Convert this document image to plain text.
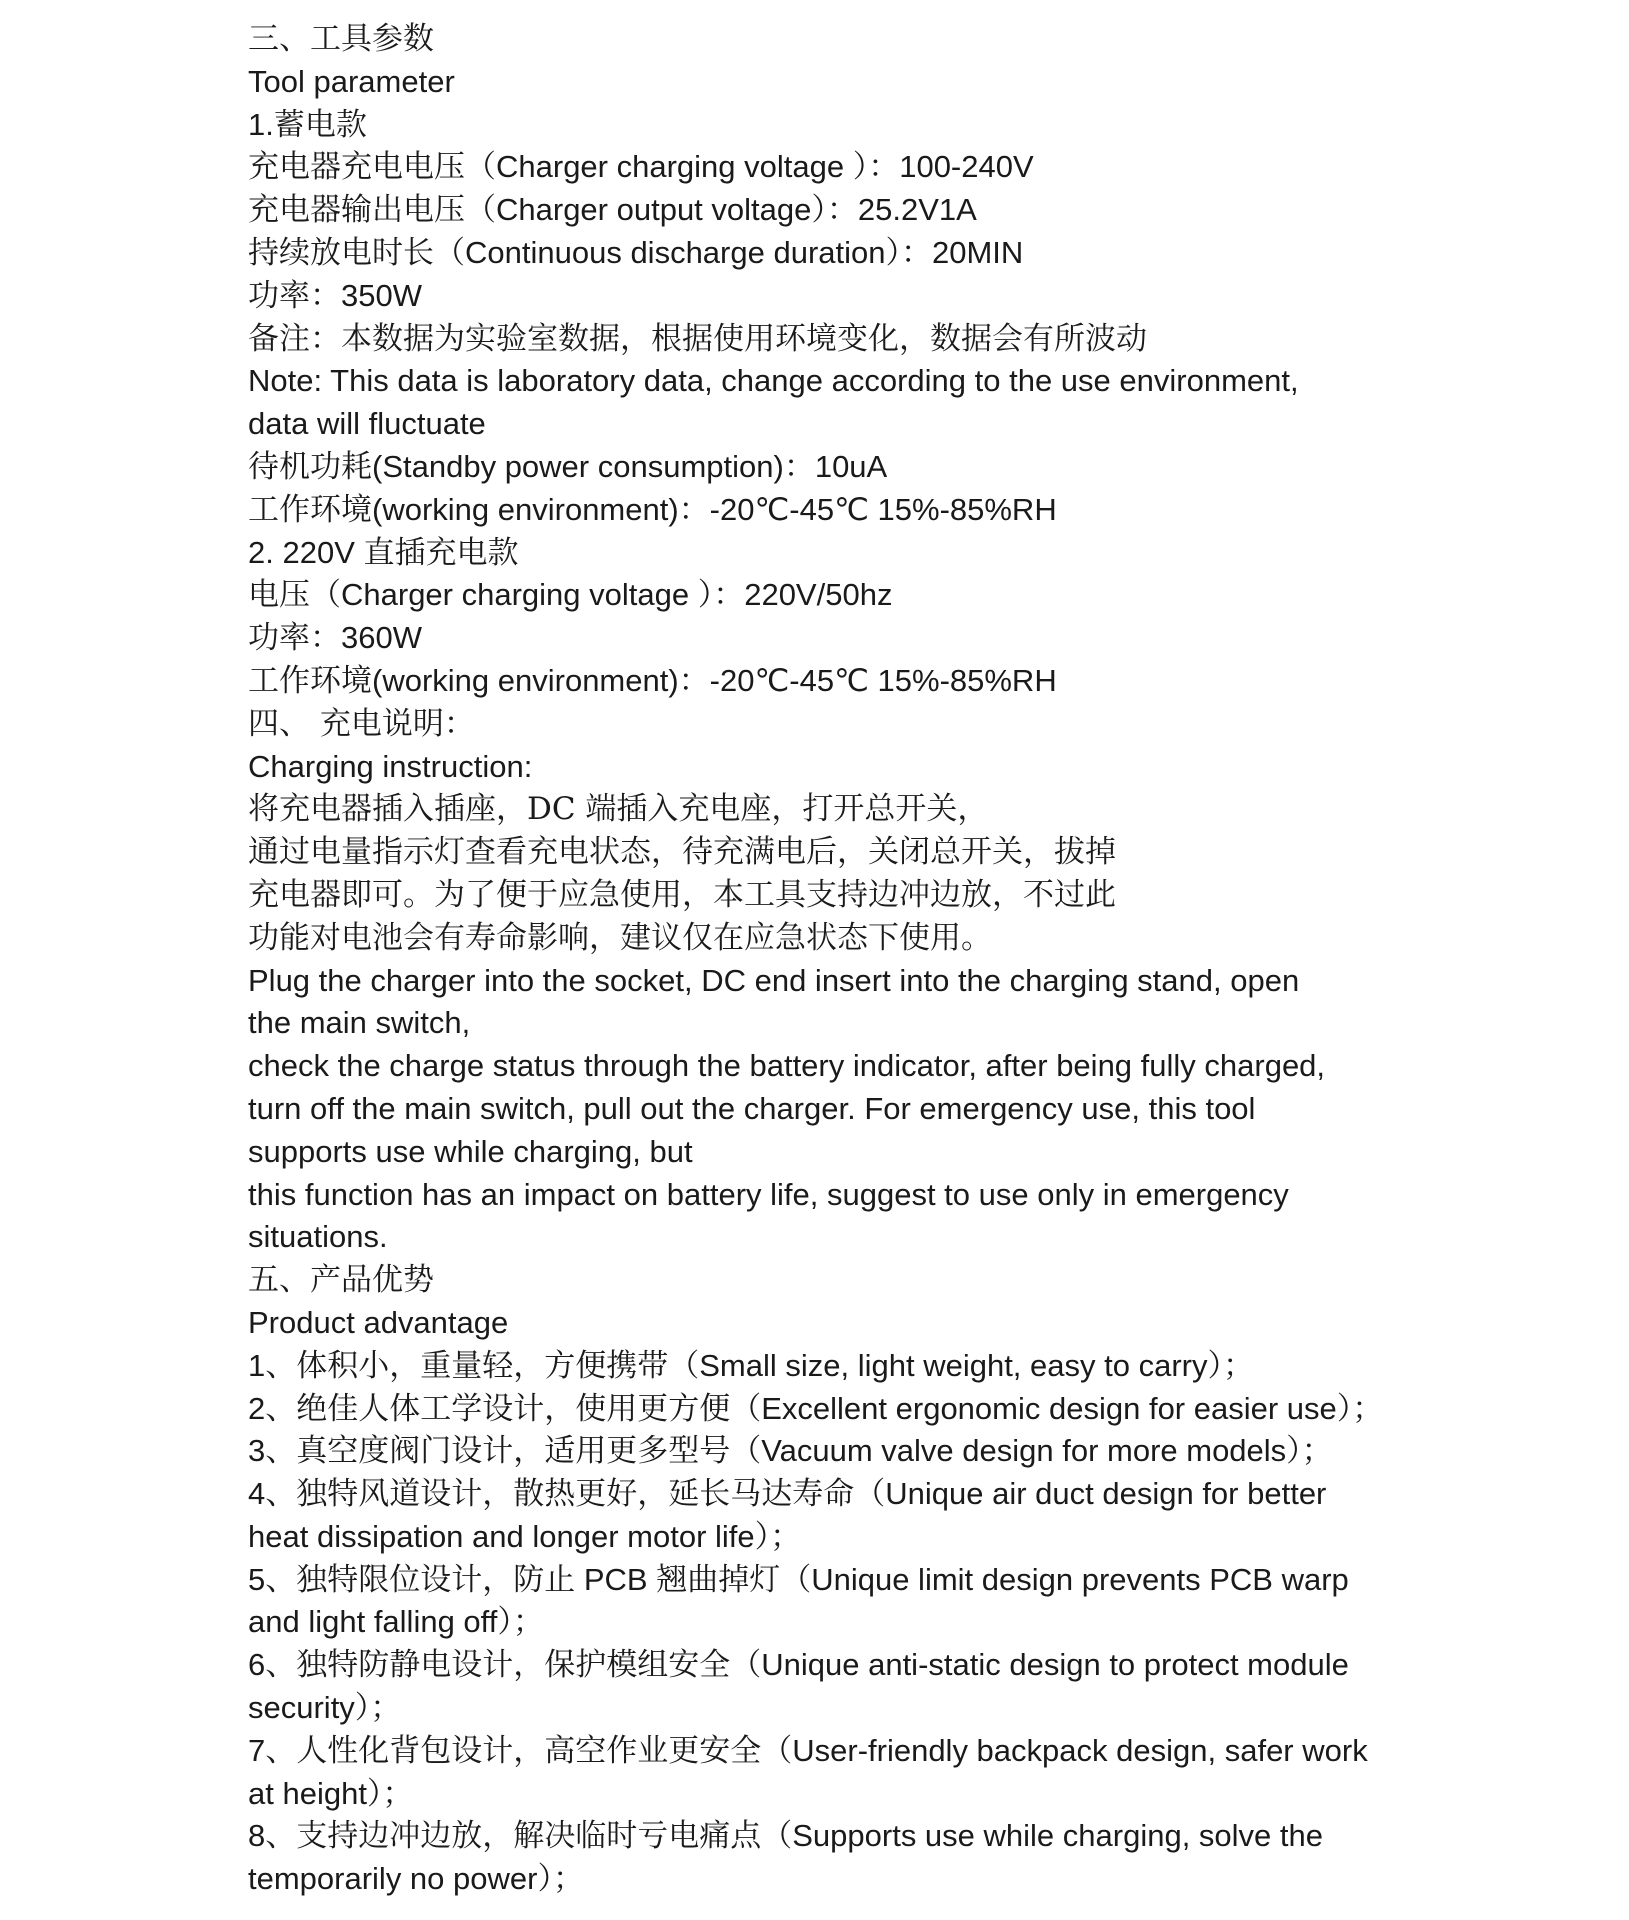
三、工具参数

Tool parameter

1.蓄电款

充电器充电电压（Charger charging voltage ）：100-240V

充电器输出电压（Charger output voltage）：25.2V1A

持续放电时长（Continuous discharge duration）：20MIN

功率：350W

备注：本数据为实验室数据，根据使用环境变化，数据会有所波动

Note: This data is laboratory data, change according to the use environment,

data will fluctuate

待机功耗(Standby power consumption)：10uA

工作环境(working environment)：-20℃-45℃ 15%-85%RH

2. 220V 直插充电款

电压（Charger charging voltage ）：220V/50hz

功率：360W

工作环境(working environment)：-20℃-45℃ 15%-85%RH

四、 充电说明：

Charging instruction:

将充电器插入插座，DC 端插入充电座，打开总开关，

通过电量指示灯查看充电状态，待充满电后，关闭总开关，拔掉

充电器即可。为了便于应急使用，本工具支持边冲边放，不过此

功能对电池会有寿命影响，建议仅在应急状态下使用。

Plug the charger into the socket, DC end insert into the charging stand, open

the main switch,

check the charge status through the battery indicator, after being fully charged,

turn off the main switch, pull out the charger. For emergency use, this tool

supports use while charging, but

this function has an impact on battery life, suggest to use only in emergency

situations.

五、产品优势

Product advantage

1、体积小，重量轻，方便携带（Small size, light weight, easy to carry）；

2、绝佳人体工学设计，使用更方便（Excellent ergonomic design for easier use）；

3、真空度阀门设计，适用更多型号（Vacuum valve design for more models）；

4、独特风道设计，散热更好，延长马达寿命（Unique air duct design for better

heat dissipation and longer motor life）；

5、独特限位设计，防止 PCB 翘曲掉灯（Unique limit design prevents PCB warp

and light falling off）；

6、独特防静电设计，保护模组安全（Unique anti-static design to protect module

security）；

7、人性化背包设计，高空作业更安全（User-friendly backpack design, safer work

at height）；

8、支持边冲边放，解决临时亏电痛点（Supports use while charging, solve the

temporarily no power）；
